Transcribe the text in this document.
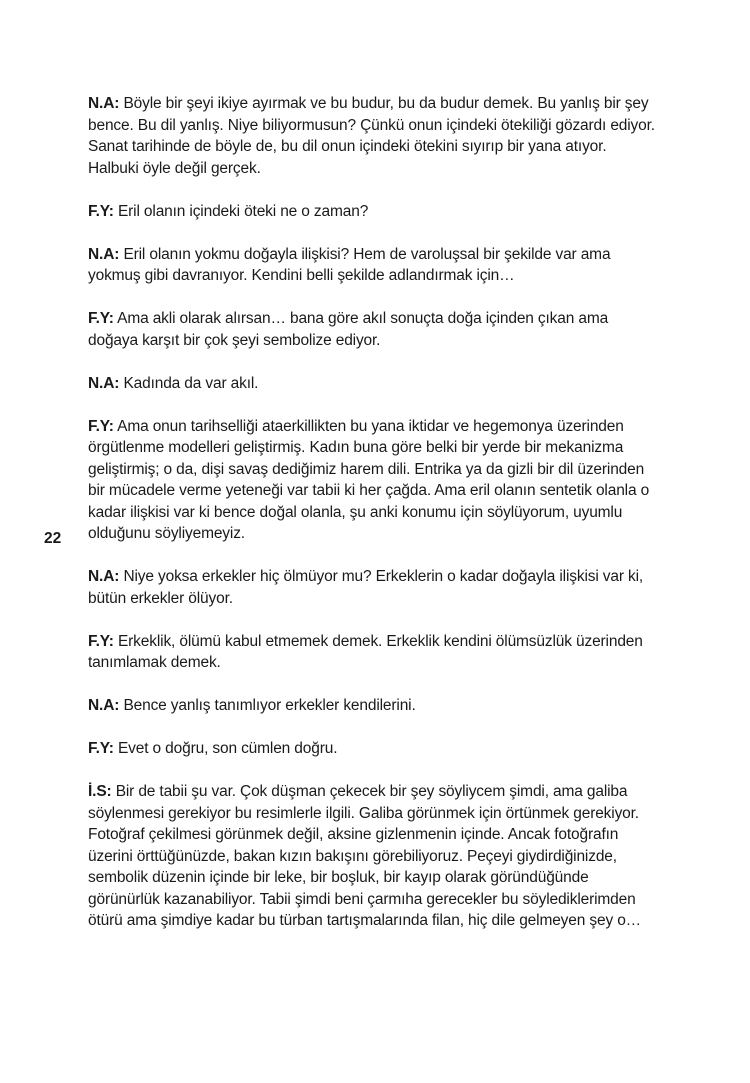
22

N.A: Böyle bir şeyi ikiye ayırmak ve bu budur, bu da budur demek. Bu yanlış bir şey bence. Bu dil yanlış. Niye biliyormusun? Çünkü onun içindeki ötekiliği gözardı ediyor. Sanat tarihinde de böyle de, bu dil onun içindeki ötekini sıyırıp bir yana atıyor. Halbuki öyle değil gerçek.

F.Y: Eril olanın içindeki öteki ne o zaman?

N.A: Eril olanın yokmu doğayla ilişkisi? Hem de varoluşsal bir şekilde var ama yokmuş gibi davranıyor. Kendini belli şekilde adlandırmak için…

F.Y: Ama akli olarak alırsan… bana göre akıl sonuçta doğa içinden çıkan ama doğaya karşıt bir çok şeyi sembolize ediyor.

N.A: Kadında da var akıl.

F.Y: Ama onun tarihselliği ataerkillikten bu yana iktidar ve hegemonya üzerinden örgütlenme modelleri geliştirmiş. Kadın buna göre belki bir yerde bir mekanizma geliştirmiş; o da, dişi savaş dediğimiz harem dili. Entrika ya da gizli bir dil üzerinden bir mücadele verme yeteneği var tabii ki her çağda. Ama eril olanın sentetik olanla o kadar ilişkisi var ki bence doğal olanla, şu anki konumu için söylüyorum, uyumlu olduğunu söyliyemeyiz.

N.A: Niye yoksa erkekler hiç ölmüyor mu? Erkeklerin o kadar doğayla ilişkisi var ki, bütün erkekler ölüyor.

F.Y: Erkeklik, ölümü kabul etmemek demek. Erkeklik kendini ölümsüzlük üzerinden tanımlamak demek.

N.A: Bence yanlış tanımlıyor erkekler kendilerini.

F.Y: Evet o doğru, son cümlen doğru.

İ.S: Bir de tabii şu var. Çok düşman çekecek bir şey söyliycem şimdi, ama galiba söylenmesi gerekiyor bu resimlerle ilgili. Galiba görünmek için örtünmek gerekiyor. Fotoğraf çekilmesi görünmek değil, aksine gizlenmenin içinde. Ancak fotoğrafın üzerini örttüğünüzde, bakan kızın bakışını görebiliyoruz. Peçeyi giydirdiğinizde, sembolik düzenin içinde bir leke, bir boşluk, bir kayıp olarak göründüğünde görünürlük kazanabiliyor. Tabii şimdi beni çarmıha gerecekler bu söylediklerimden ötürü ama şimdiye kadar bu türban tartışmalarında filan, hiç dile gelmeyen şey o…
